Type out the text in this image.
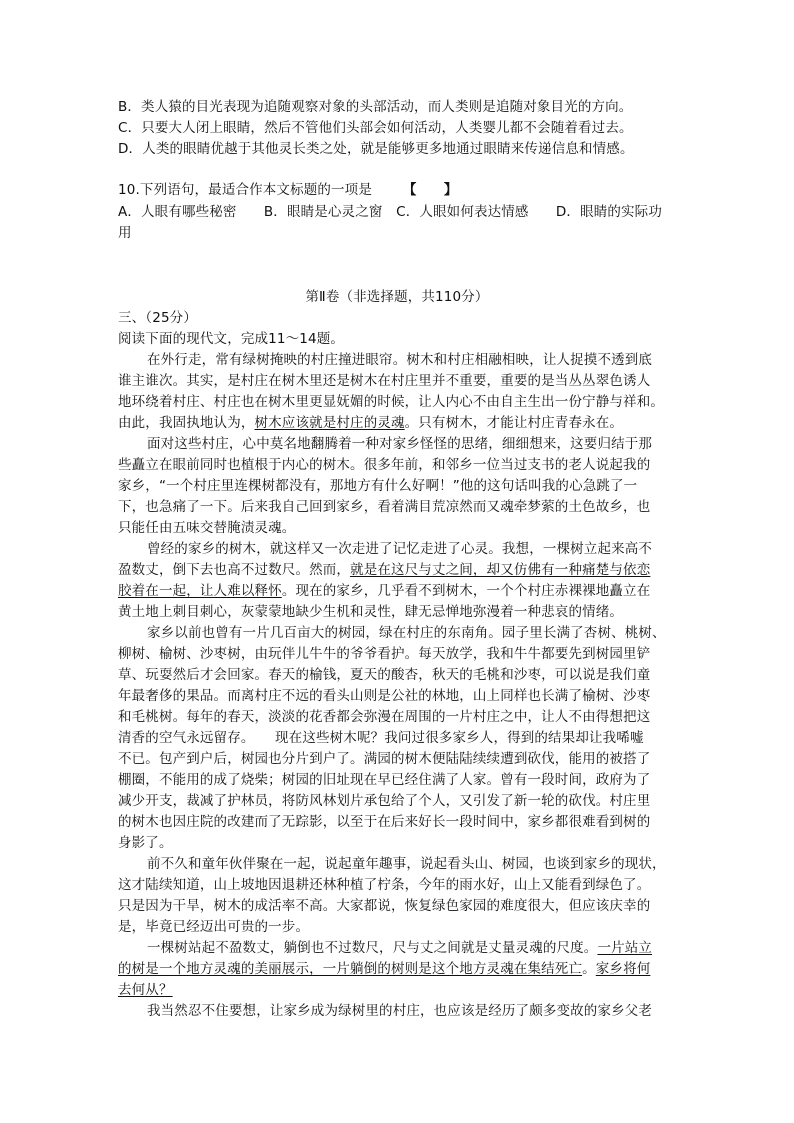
B．类人猿的目光表现为追随观察对象的头部活动，而人类则是追随对象目光的方向。
C．只要大人闭上眼睛，然后不管他们头部会如何活动，人类婴儿都不会随着看过去。
D．人类的眼睛优越于其他灵长类之处，就是能够更多地通过眼睛来传递信息和情感。
10.下列语句，最适合作本文标题的一项是 【　　】
A．人眼有哪些秘密　　B．眼睛是心灵之窗　C．人眼如何表达情感　　D．眼睛的实际功
用
第Ⅱ卷（非选择题，共110分）
三、（25分）
阅读下面的现代文，完成11～14题。
在外行走，常有绿树掩映的村庄撞进眼帘。树木和村庄相融相映，让人捉摸不透到底
谁主谁次。其实，是村庄在树木里还是树木在村庄里并不重要，重要的是当丛丛翠色诱人
地环绕着村庄、村庄也在树木里更显妩媚的时候，让人内心不由自主生出一份宁静与祥和。
由此，我固执地认为，树木应该就是村庄的灵魂。只有树木，才能让村庄青春永在。
面对这些村庄，心中莫名地翻腾着一种对家乡怪怪的思绪，细细想来，这要归结于那
些矗立在眼前同时也植根于内心的树木。很多年前，和邻乡一位当过支书的老人说起我的
家乡，“一个村庄里连棵树都没有，那地方有什么好啊！”他的这句话叫我的心急跳了一
下，也急痛了一下。后来我自己回到家乡，看着满目荒凉然而又魂牵梦萦的土色故乡，也
只能任由五味交替腌渍灵魂。
曾经的家乡的树木，就这样又一次走进了记忆走进了心灵。我想，一棵树立起来高不
盈数丈，倒下去也高不过数尺。然而，就是在这尺与丈之间，却又仿佛有一种痛楚与依恋
胶着在一起，让人难以释怀。现在的家乡，几乎看不到树木，一个个村庄赤裸裸地矗立在
黄土地上刺目刺心，灰蒙蒙地缺少生机和灵性，肆无忌惮地弥漫着一种悲哀的情绪。
家乡以前也曾有一片几百亩大的树园，绿在村庄的东南角。园子里长满了杏树、桃树、
柳树、榆树、沙枣树，由玩伴儿牛牛的爷爷看护。每天放学，我和牛牛都要先到树园里铲
草、玩耍然后才会回家。春天的榆钱，夏天的酸杏，秋天的毛桃和沙枣，可以说是我们童
年最奢侈的果品。而离村庄不远的看头山则是公社的林地，山上同样也长满了榆树、沙枣
和毛桃树。每年的春天，淡淡的花香都会弥漫在周围的一片村庄之中，让人不由得想把这
清香的空气永远留存。　　现在这些树木呢？我问过很多家乡人，得到的结果却让我唏嘘
不已。包产到户后，树园也分片到户了。满园的树木便陆陆续续遭到砍伐，能用的被搭了
棚圈，不能用的成了烧柴；树园的旧址现在早已经住满了人家。曾有一段时间，政府为了
减少开支，裁减了护林员，将防风林划片承包给了个人，又引发了新一轮的砍伐。村庄里
的树木也因庄院的改建而了无踪影，以至于在后来好长一段时间中，家乡都很难看到树的
身影了。
前不久和童年伙伴聚在一起，说起童年趣事，说起看头山、树园，也谈到家乡的现状，
这才陆续知道，山上坡地因退耕还林种植了柠条，今年的雨水好，山上又能看到绿色了。
只是因为干旱，树木的成活率不高。大家都说，恢复绿色家园的难度很大，但应该庆幸的
是，毕竟已经迈出可贵的一步。
一棵树站起不盈数丈，躺倒也不过数尺，尺与丈之间就是丈量灵魂的尺度。一片站立
的树是一个地方灵魂的美丽展示，一片躺倒的树则是这个地方灵魂在集结死亡。家乡将何
去何从？
我当然忍不住要想，让家乡成为绿树里的村庄，也应该是经历了颇多变故的家乡父老
